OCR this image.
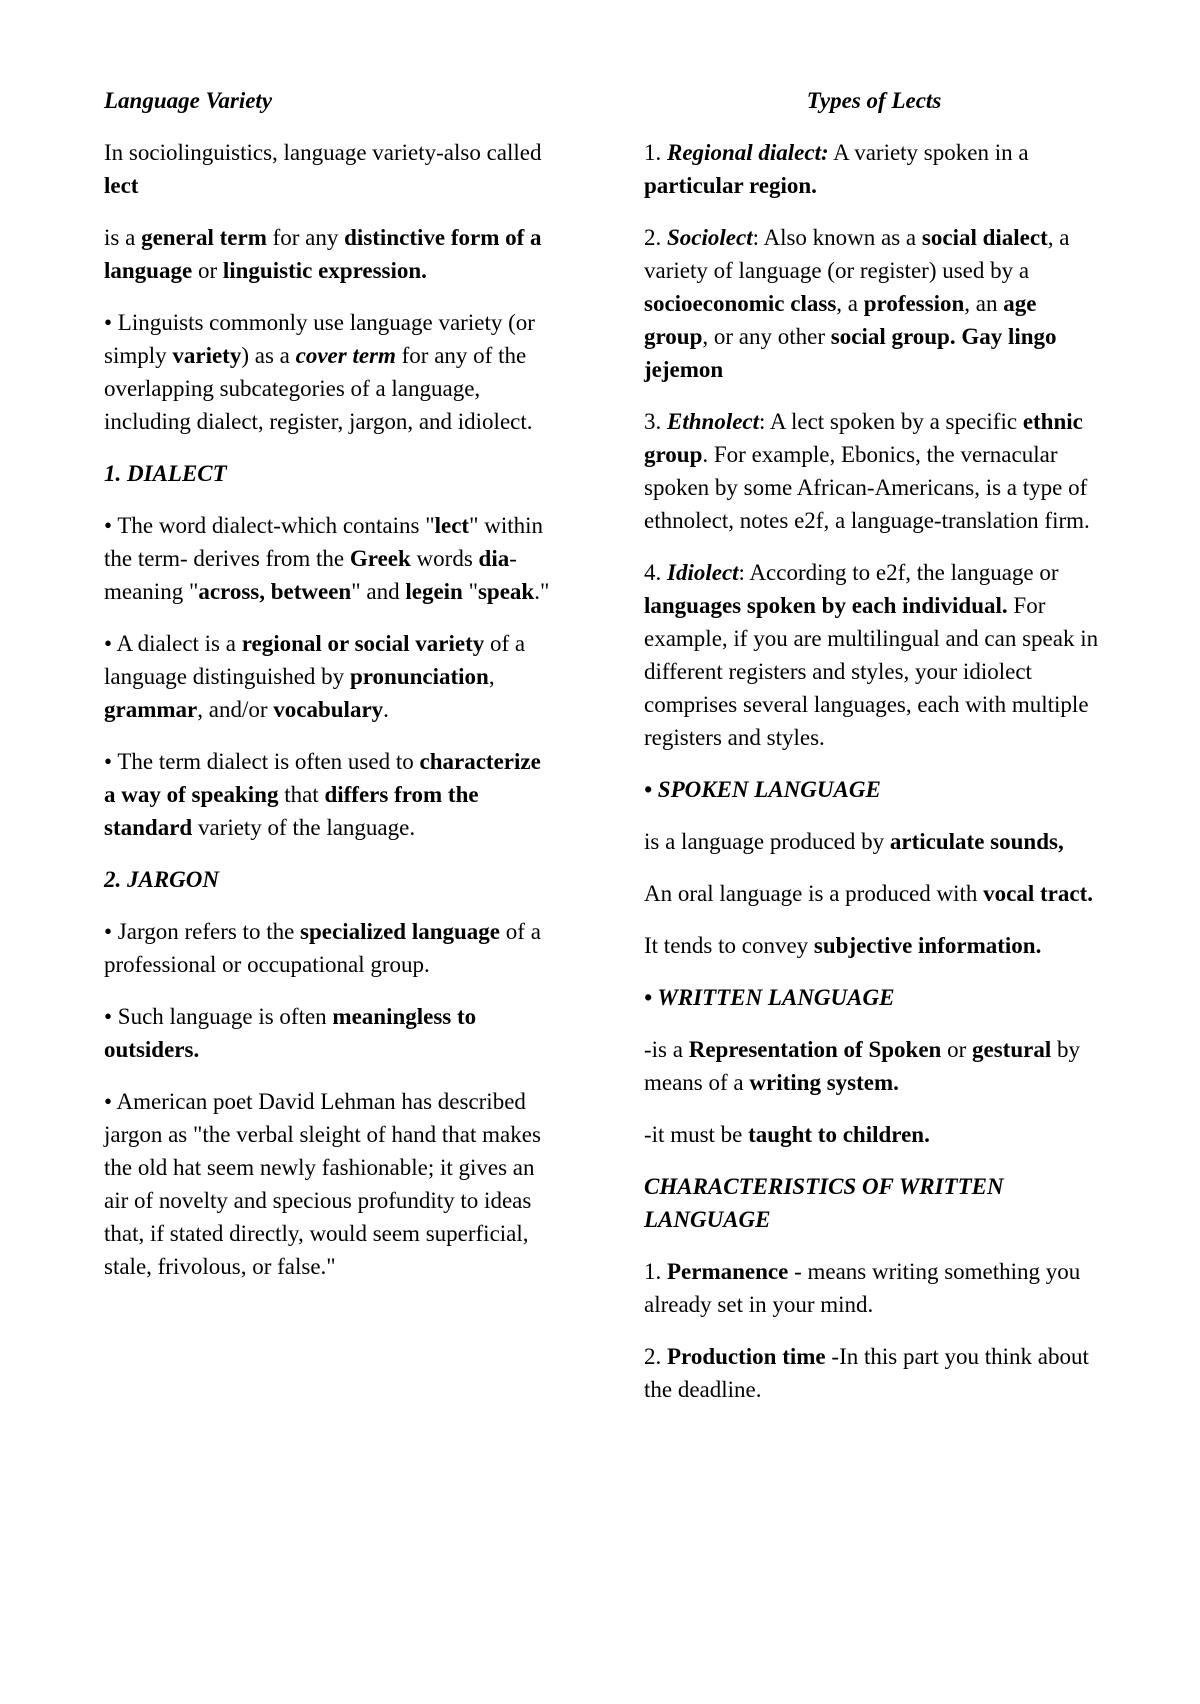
Language Variety

In sociolinguistics, language variety-also called lect

is a general term for any distinctive form of a language or linguistic expression.

• Linguists commonly use language variety (or simply variety) as a cover term for any of the overlapping subcategories of a language, including dialect, register, jargon, and idiolect.

1. DIALECT

• The word dialect-which contains "lect" within the term- derives from the Greek words dia- meaning "across, between" and legein "speak."

• A dialect is a regional or social variety of a language distinguished by pronunciation, grammar, and/or vocabulary.

• The term dialect is often used to characterize a way of speaking that differs from the standard variety of the language.

2. JARGON

• Jargon refers to the specialized language of a professional or occupational group.

• Such language is often meaningless to outsiders.

• American poet David Lehman has described jargon as "the verbal sleight of hand that makes the old hat seem newly fashionable; it gives an air of novelty and specious profundity to ideas that, if stated directly, would seem superficial, stale, frivolous, or false."

Types of Lects

1. Regional dialect: A variety spoken in a particular region.

2. Sociolect: Also known as a social dialect, a variety of language (or register) used by a socioeconomic class, a profession, an age group, or any other social group. Gay lingo jejemon

3. Ethnolect: A lect spoken by a specific ethnic group. For example, Ebonics, the vernacular spoken by some African-Americans, is a type of ethnolect, notes e2f, a language-translation firm.

4. Idiolect: According to e2f, the language or languages spoken by each individual. For example, if you are multilingual and can speak in different registers and styles, your idiolect comprises several languages, each with multiple registers and styles.

• SPOKEN LANGUAGE

is a language produced by articulate sounds,

An oral language is a produced with vocal tract.

It tends to convey subjective information.

• WRITTEN LANGUAGE

-is a Representation of Spoken or gestural by means of a writing system.

-it must be taught to children.

CHARACTERISTICS OF WRITTEN LANGUAGE

1. Permanence - means writing something you already set in your mind.

2. Production time -In this part you think about the deadline.
